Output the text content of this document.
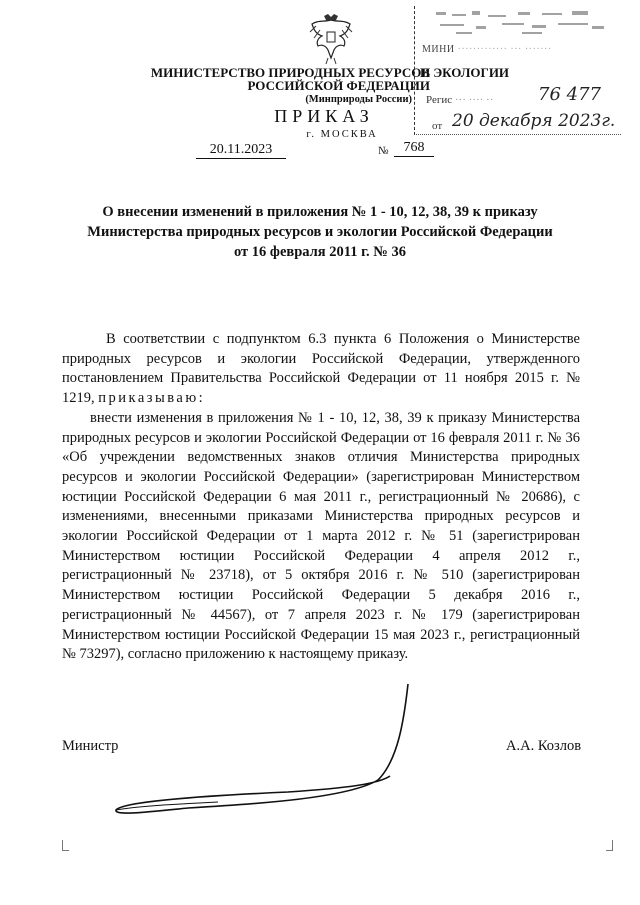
МИНИСТЕРСТВО ПРИРОДНЫХ РЕСУРСОВ
РОССИЙСКОЙ ФЕДЕРАЦИИ
И ЭКОЛОГИИ
(Минприроды России)
ПРИКАЗ
г. МОСКВА
20.11.2023	№	768
МИНИ ············· ··· ·······
Регис ··· ···· ·· 76 477
от 20 декабря 2023г.
О внесении изменений в приложения № 1 - 10, 12, 38, 39 к приказу
Министерства природных ресурсов и экологии Российской Федерации
от 16 февраля 2011 г. № 36

В соответствии с подпунктом 6.3 пункта 6 Положения о Министерстве природных ресурсов и экологии Российской Федерации, утвержденного постановлением Правительства Российской Федерации от 11 ноября 2015 г. № 1219, приказываю:

внести изменения в приложения № 1 - 10, 12, 38, 39 к приказу Министерства природных ресурсов и экологии Российской Федерации от 16 февраля 2011 г. № 36 «Об учреждении ведомственных знаков отличия Министерства природных ресурсов и экологии Российской Федерации» (зарегистрирован Министерством юстиции Российской Федерации 6 мая 2011 г., регистрационный № 20686), с изменениями, внесенными приказами Министерства природных ресурсов и экологии Российской Федерации от 1 марта 2012 г. № 51 (зарегистрирован Министерством юстиции Российской Федерации 4 апреля 2012 г., регистрационный № 23718), от 5 октября 2016 г. № 510 (зарегистрирован Министерством юстиции Российской Федерации 5 декабря 2016 г., регистрационный № 44567), от 7 апреля 2023 г. № 179 (зарегистрирован Министерством юстиции Российской Федерации 15 мая 2023 г., регистрационный № 73297), согласно приложению к настоящему приказу.

Министр	А.А. Козлов
